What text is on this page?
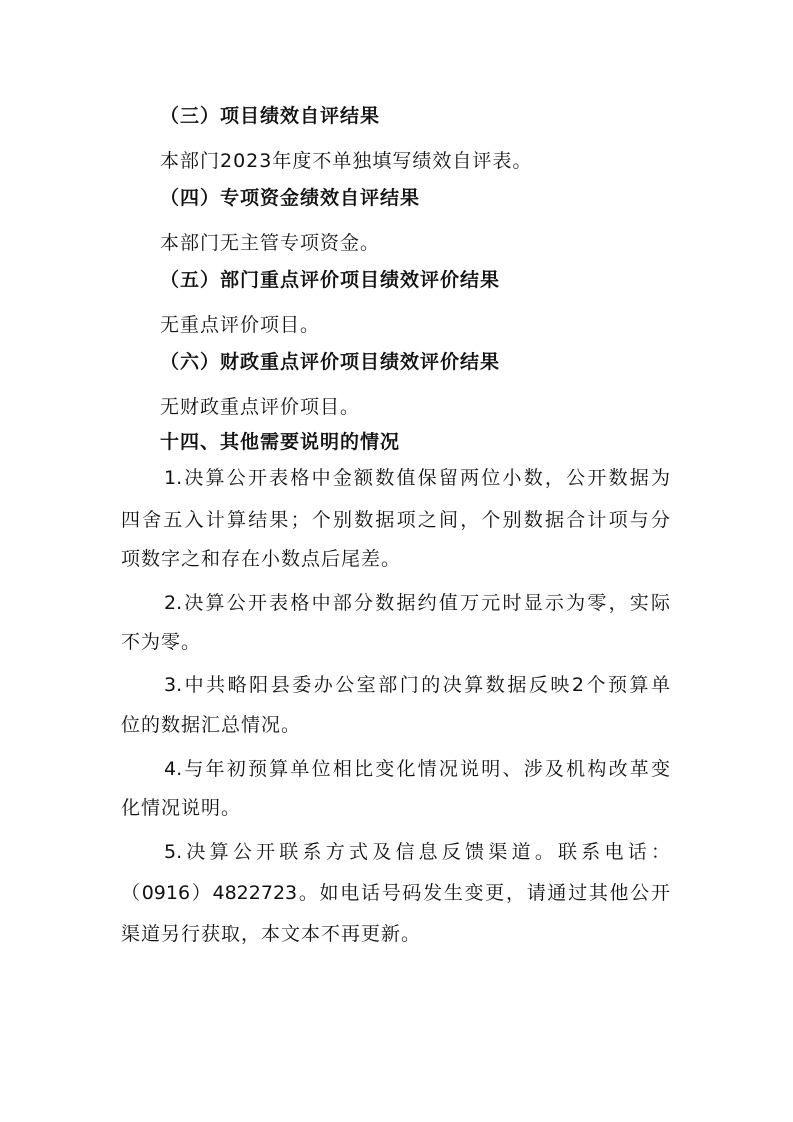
（三）项目绩效自评结果
本部门2023年度不单独填写绩效自评表。
（四）专项资金绩效自评结果
本部门无主管专项资金。
（五）部门重点评价项目绩效评价结果
无重点评价项目。
（六）财政重点评价项目绩效评价结果
无财政重点评价项目。
十四、其他需要说明的情况
1.决算公开表格中金额数值保留两位小数，公开数据为
四舍五入计算结果；个别数据项之间，个别数据合计项与分
项数字之和存在小数点后尾差。
2.决算公开表格中部分数据约值万元时显示为零，实际
不为零。
3.中共略阳县委办公室部门的决算数据反映2个预算单
位的数据汇总情况。
4.与年初预算单位相比变化情况说明、涉及机构改革变
化情况说明。
5.决算公开联系方式及信息反馈渠道。联系电话：
（0916）4822723。如电话号码发生变更，请通过其他公开
渠道另行获取，本文本不再更新。
